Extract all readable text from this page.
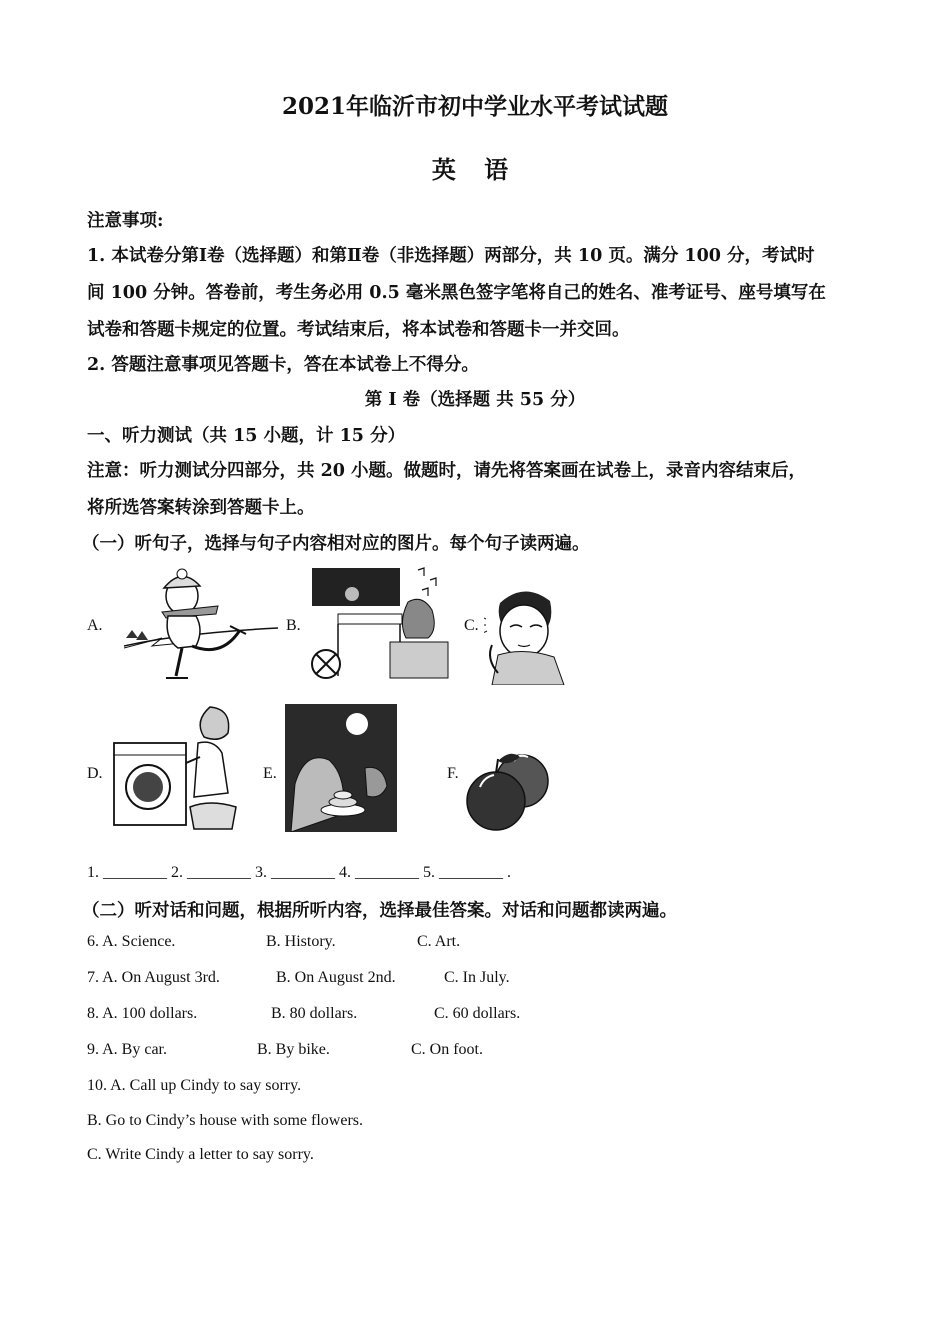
2021年临沂市初中学业水平考试试题
英 语
注意事项:
1. 本试卷分第Ⅰ卷（选择题）和第Ⅱ卷（非选择题）两部分，共 10 页。满分 100 分，考试时
间 100 分钟。答卷前，考生务必用 0.5 毫米黑色签字笔将自己的姓名、准考证号、座号填写在
试卷和答题卡规定的位置。考试结束后，将本试卷和答题卡一并交回。
2. 答题注意事项见答题卡，答在本试卷上不得分。
第 I 卷（选择题 共 55 分）
一、听力测试（共 15 小题，计 15 分）
注意：听力测试分四部分，共 20 小题。做题时，请先将答案画在试卷上，录音内容结束后，
将所选答案转涂到答题卡上。
（一）听句子，选择与句子内容相对应的图片。每个句子读两遍。
A.	B.	C.
D.	E.	F.
1. ________ 2. ________ 3. ________ 4. ________ 5. ________ .
（二）听对话和问题，根据所听内容，选择最佳答案。对话和问题都读两遍。
6. A. Science.	B. History.	C. Art.
7. A. On August 3rd.	B. On August 2nd.	C. In July.
8. A. 100 dollars.	B. 80 dollars.	C. 60 dollars.
9. A. By car.	B. By bike.	C. On foot.
10. A. Call up Cindy to say sorry.
B. Go to Cindy’s house with some flowers.
C. Write Cindy a letter to say sorry.
